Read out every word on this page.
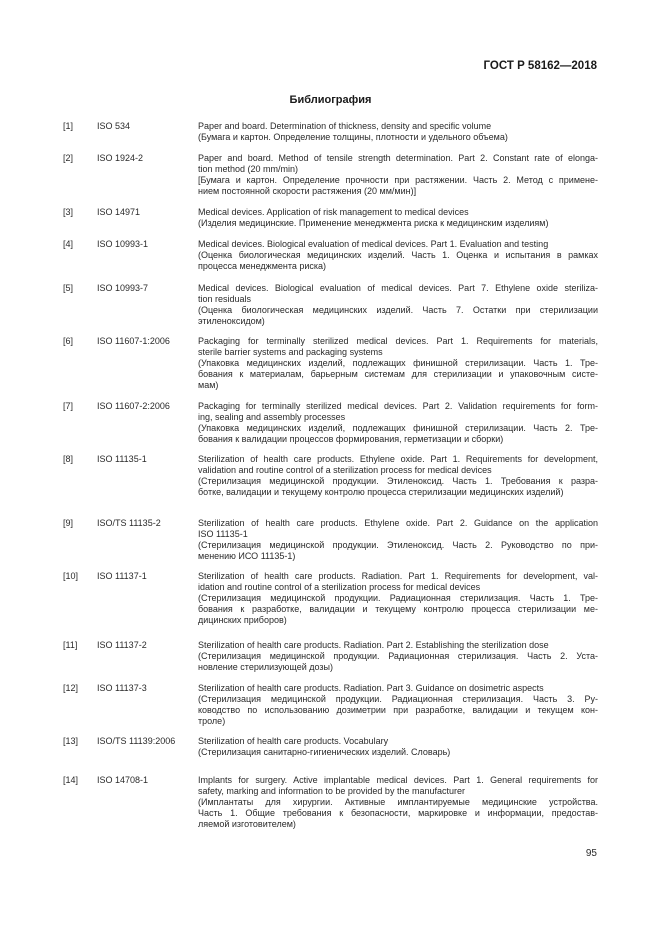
ГОСТ Р 58162—2018
Библиография
[1]	ISO 534	Paper and board. Determination of thickness, density and specific volume
(Бумага и картон. Определение толщины, плотности и удельного объема)
[2]	ISO 1924-2	Paper and board. Method of tensile strength determination. Part 2. Constant rate of elonga-
tion method (20 mm/min)
[Бумага и картон. Определение прочности при растяжении. Часть 2. Метод с примене-
нием постоянной скорости растяжения (20 мм/мин)]
[3]	ISO 14971	Medical devices. Application of risk management to medical devices
(Изделия медицинские. Применение менеджмента риска к медицинским изделиям)
[4]	ISO 10993-1	Medical devices. Biological evaluation of medical devices. Part 1. Evaluation and testing
(Оценка биологическая медицинских изделий. Часть 1. Оценка и испытания в рамках
процесса менеджмента риска)
[5]	ISO 10993-7	Medical devices. Biological evaluation of medical devices. Part 7. Ethylene oxide steriliza-
tion residuals
(Оценка биологическая медицинских изделий. Часть 7. Остатки при стерилизации
этиленоксидом)
[6]	ISO 11607-1:2006	Packaging for terminally sterilized medical devices. Part 1. Requirements for materials,
sterile barrier systems and packaging systems
(Упаковка медицинских изделий, подлежащих финишной стерилизации. Часть 1. Тре-
бования к материалам, барьерным системам для стерилизации и упаковочным систе-
мам)
[7]	ISO 11607-2:2006	Packaging for terminally sterilized medical devices. Part 2. Validation requirements for form-
ing, sealing and assembly processes
(Упаковка медицинских изделий, подлежащих финишной стерилизации. Часть 2. Тре-
бования к валидации процессов формирования, герметизации и сборки)
[8]	ISO 11135-1	Sterilization of health care products. Ethylene oxide. Part 1. Requirements for development,
validation and routine control of a sterilization process for medical devices
(Стерилизация медицинской продукции. Этиленоксид. Часть 1. Требования к разра-
ботке, валидации и текущему контролю процесса стерилизации медицинских изделий)
[9]	ISO/TS 11135-2	Sterilization of health care products. Ethylene oxide. Part 2. Guidance on the application
ISO 11135-1
(Стерилизация медицинской продукции. Этиленоксид. Часть 2. Руководство по при-
менению ИСО 11135-1)
[10] ISO 11137-1	Sterilization of health care products. Radiation. Part 1. Requirements for development, val-
idation and routine control of a sterilization process for medical devices
(Стерилизация медицинской продукции. Радиационная стерилизация. Часть 1. Тре-
бования к разработке, валидации и текущему контролю процесса стерилизации ме-
дицинских приборов)
[11] ISO 11137-2	Sterilization of health care products. Radiation. Part 2. Establishing the sterilization dose
(Стерилизация медицинской продукции. Радиационная стерилизация. Часть 2. Уста-
новление стерилизующей дозы)
[12] ISO 11137-3	Sterilization of health care products. Radiation. Part 3. Guidance on dosimetric aspects
(Стерилизация медицинской продукции. Радиационная стерилизация. Часть 3. Ру-
ководство по использованию дозиметрии при разработке, валидации и текущем кон-
троле)
[13] ISO/TS 11139:2006	Sterilization of health care products. Vocabulary
(Стерилизация санитарно-гигиенических изделий. Словарь)
[14] ISO 14708-1	Implants for surgery. Active implantable medical devices. Part 1. General requirements for
safety, marking and information to be provided by the manufacturer
(Имплантаты для хирургии. Активные имплантируемые медицинские устройства.
Часть 1. Общие требования к безопасности, маркировке и информации, предостав-
ляемой изготовителем)
95
